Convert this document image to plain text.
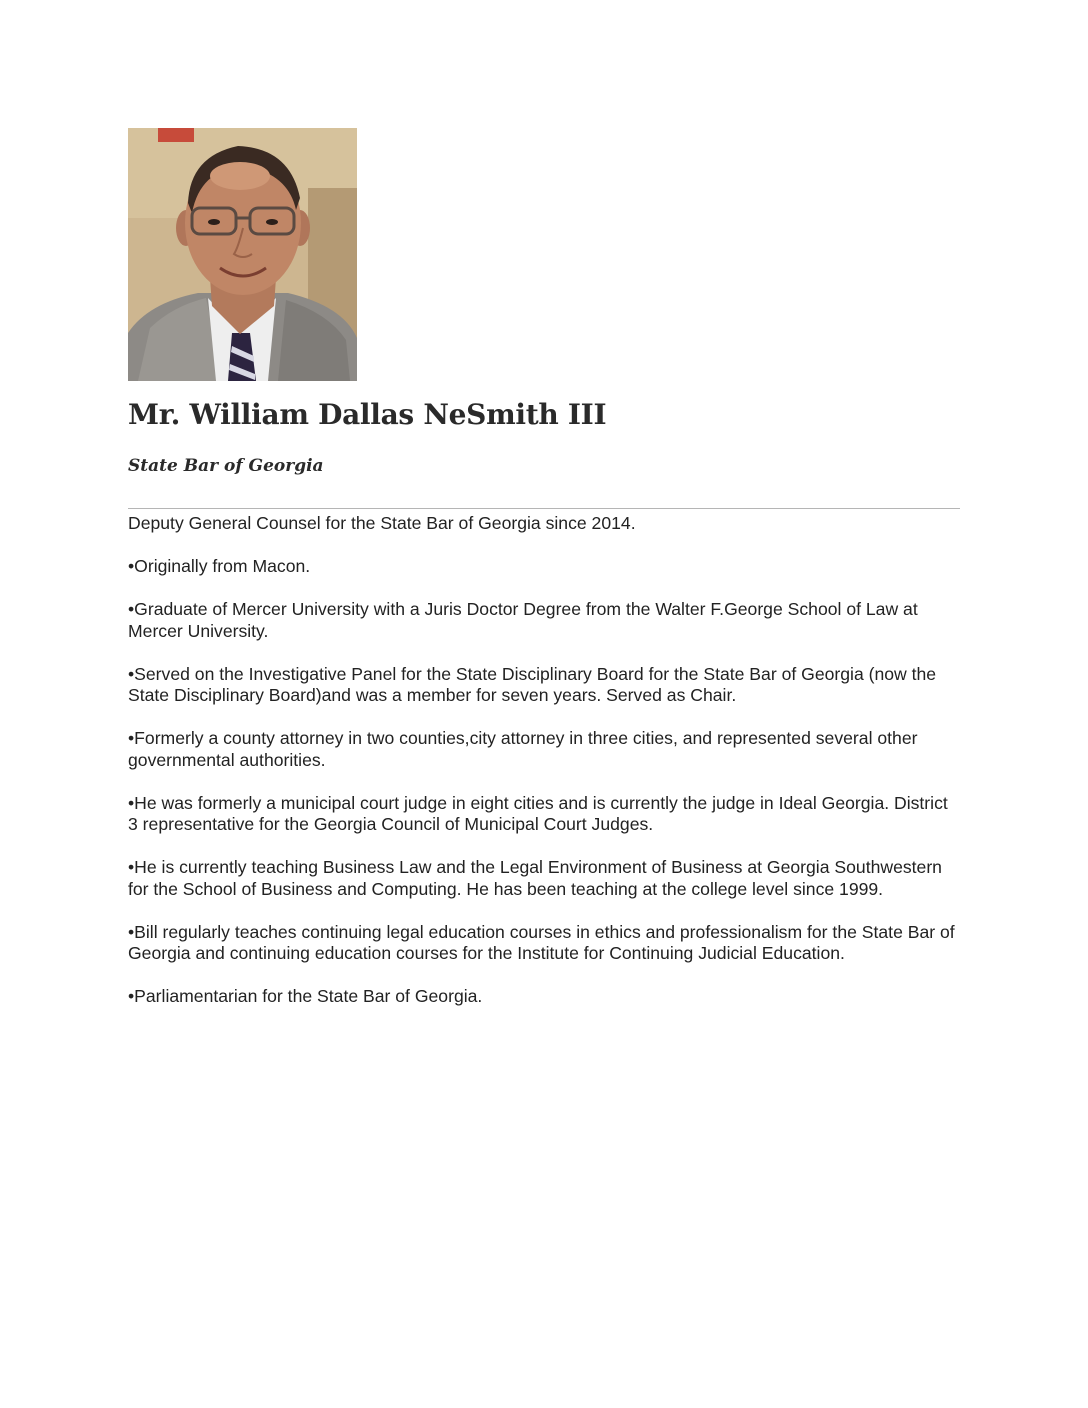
Mr. William Dallas NeSmith III

State Bar of Georgia

Deputy General Counsel for the State Bar of Georgia since 2014.

•Originally from Macon.

•Graduate of Mercer University with a Juris Doctor Degree from the Walter F.George School of Law at Mercer University.

•Served on the Investigative Panel for the State Disciplinary Board for the State Bar of Georgia (now the State Disciplinary Board)and was a member for seven years. Served as Chair.

•Formerly a county attorney in two counties,city attorney in three cities, and represented several other governmental authorities.

•He was formerly a municipal court judge in eight cities and is currently the judge in Ideal Georgia. District 3 representative for the Georgia Council of Municipal Court Judges.

•He is currently teaching Business Law and the Legal Environment of Business at Georgia Southwestern for the School of Business and Computing. He has been teaching at the college level since 1999.

•Bill regularly teaches continuing legal education courses in ethics and professionalism for the State Bar of Georgia and continuing education courses for the Institute for Continuing Judicial Education.

•Parliamentarian for the State Bar of Georgia.
